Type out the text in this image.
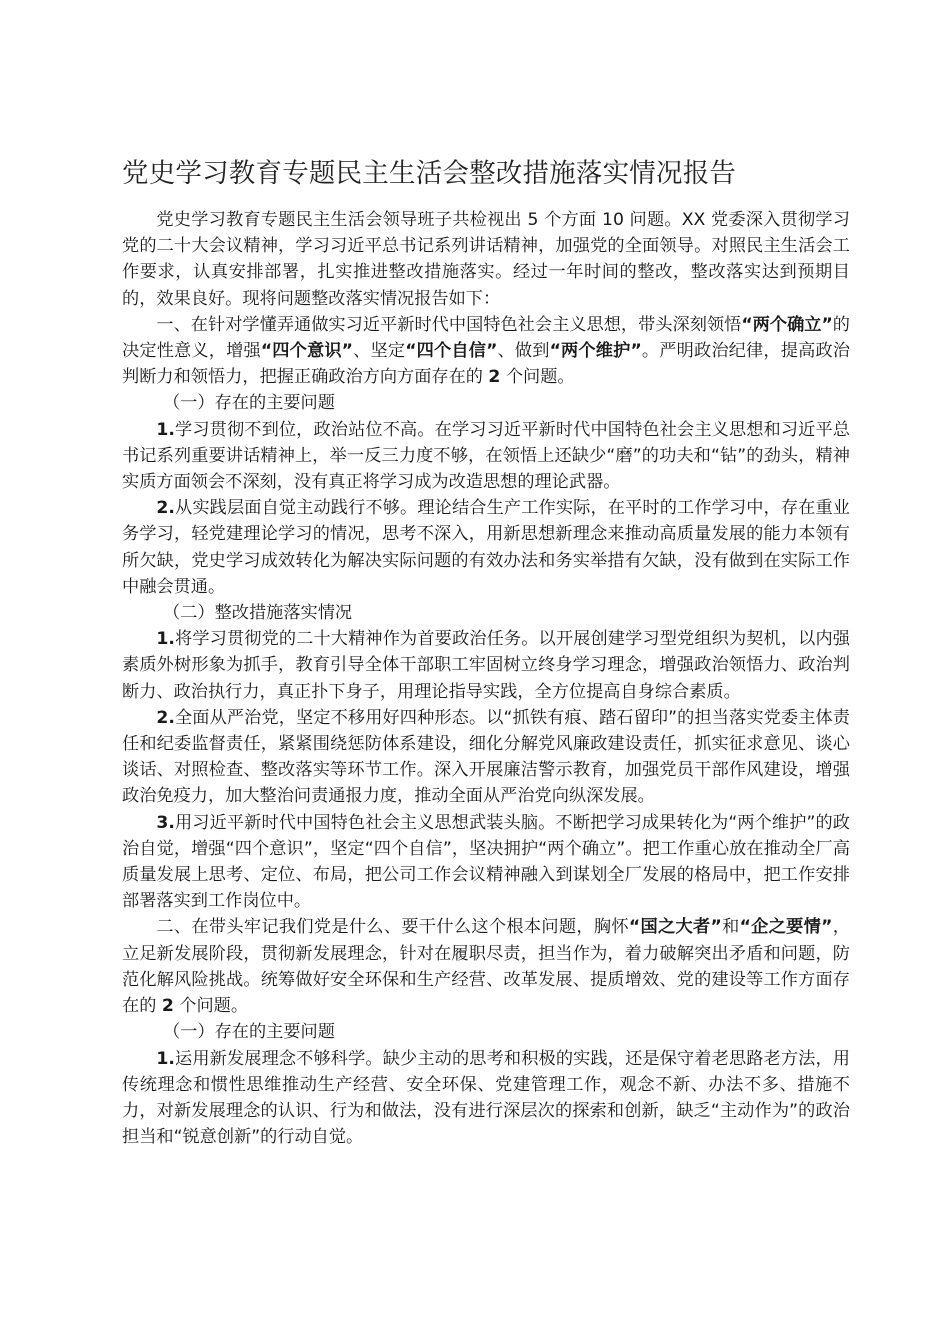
党史学习教育专题民主生活会整改措施落实情况报告

党史学习教育专题民主生活会领导班子共检视出 5 个方面 10 问题。XX 党委深入贯彻学习党的二十大会议精神，学习习近平总书记系列讲话精神，加强党的全面领导。对照民主生活会工作要求，认真安排部署，扎实推进整改措施落实。经过一年时间的整改，整改落实达到预期目的，效果良好。现将问题整改落实情况报告如下：

一、在针对学懂弄通做实习近平新时代中国特色社会主义思想，带头深刻领悟“两个确立”的决定性意义，增强“四个意识”、坚定“四个自信”、做到“两个维护”。严明政治纪律，提高政治判断力和领悟力，把握正确政治方向方面存在的 2 个问题。

（一）存在的主要问题

1.学习贯彻不到位，政治站位不高。在学习习近平新时代中国特色社会主义思想和习近平总书记系列重要讲话精神上，举一反三力度不够，在领悟上还缺少“磨”的功夫和“钻”的劲头，精神实质方面领会不深刻，没有真正将学习成为改造思想的理论武器。

2.从实践层面自觉主动践行不够。理论结合生产工作实际，在平时的工作学习中，存在重业务学习，轻党建理论学习的情况，思考不深入，用新思想新理念来推动高质量发展的能力本领有所欠缺，党史学习成效转化为解决实际问题的有效办法和务实举措有欠缺，没有做到在实际工作中融会贯通。

（二）整改措施落实情况

1.将学习贯彻党的二十大精神作为首要政治任务。以开展创建学习型党组织为契机，以内强素质外树形象为抓手，教育引导全体干部职工牢固树立终身学习理念，增强政治领悟力、政治判断力、政治执行力，真正扑下身子，用理论指导实践，全方位提高自身综合素质。

2.全面从严治党，坚定不移用好四种形态。以“抓铁有痕、踏石留印”的担当落实党委主体责任和纪委监督责任，紧紧围绕惩防体系建设，细化分解党风廉政建设责任，抓实征求意见、谈心谈话、对照检查、整改落实等环节工作。深入开展廉洁警示教育，加强党员干部作风建设，增强政治免疫力，加大整治问责通报力度，推动全面从严治党向纵深发展。

3.用习近平新时代中国特色社会主义思想武装头脑。不断把学习成果转化为“两个维护”的政治自觉，增强“四个意识”，坚定“四个自信”，坚决拥护“两个确立”。把工作重心放在推动全厂高质量发展上思考、定位、布局，把公司工作会议精神融入到谋划全厂发展的格局中，把工作安排部署落实到工作岗位中。

二、在带头牢记我们党是什么、要干什么这个根本问题，胸怀“国之大者”和“企之要情”，立足新发展阶段，贯彻新发展理念，针对在履职尽责，担当作为，着力破解突出矛盾和问题，防范化解风险挑战。统筹做好安全环保和生产经营、改革发展、提质增效、党的建设等工作方面存在的 2 个问题。

（一）存在的主要问题

1.运用新发展理念不够科学。缺少主动的思考和积极的实践，还是保守着老思路老方法，用传统理念和惯性思维推动生产经营、安全环保、党建管理工作，观念不新、办法不多、措施不力，对新发展理念的认识、行为和做法，没有进行深层次的探索和创新，缺乏“主动作为”的政治担当和“锐意创新”的行动自觉。
